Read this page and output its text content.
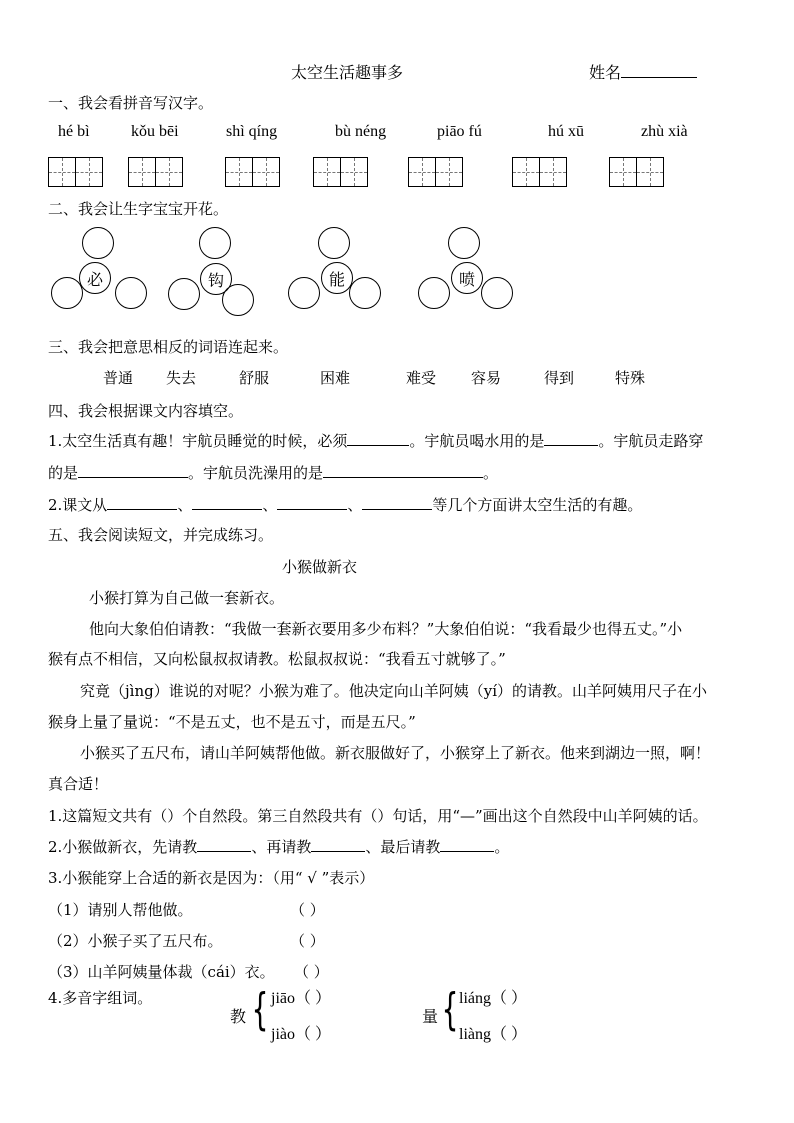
太空生活趣事多	姓名
一、我会看拼音写汉字。
hé bì	kǒu bēi	shì qíng	bù néng	piāo fú	hú xū	zhù xià
二、我会让生字宝宝开花。
必	钩	能	喷
三、我会把意思相反的词语连起来。
普通 失去	舒服	困难	难受 容易	得到	特殊
四、我会根据课文内容填空。
1.太空生活真有趣！宇航员睡觉的时候，必须	。宇航员喝水用的是	。宇航员走路穿
的是	。宇航员洗澡用的是	。
2.课文从	、	、	、	等几个方面讲太空生活的有趣。
五、我会阅读短文，并完成练习。
小猴做新衣
小猴打算为自己做一套新衣。
他向大象伯伯请教：“我做一套新衣要用多少布料？”大象伯伯说：“我看最少也得五丈。”小
猴有点不相信，又向松鼠叔叔请教。松鼠叔叔说：“我看五寸就够了。”
究竟（jìng）谁说的对呢？小猴为难了。他决定向山羊阿姨（yí）的请教。山羊阿姨用尺子在小
猴身上量了量说：“不是五丈，也不是五寸，而是五尺。”
小猴买了五尺布，请山羊阿姨帮他做。新衣服做好了，小猴穿上了新衣。他来到湖边一照，啊！
真合适！
1.这篇短文共有（）个自然段。第三自然段共有（）句话，用“—”画出这个自然段中山羊阿姨的话。
2.小猴做新衣，先请教	、再请教	、最后请教	。
3.小猴能穿上合适的新衣是因为：（用“ √ ”表示）
（1）请别人帮他做。	（ ）
（2）小猴子买了五尺布。	（ ）
（3）山羊阿姨量体裁（cái）衣。 （ ）
4.多音字组词。
教 { jiāo（ ）
jiào（ ）
量 { liáng（ ）
liàng（ ）
